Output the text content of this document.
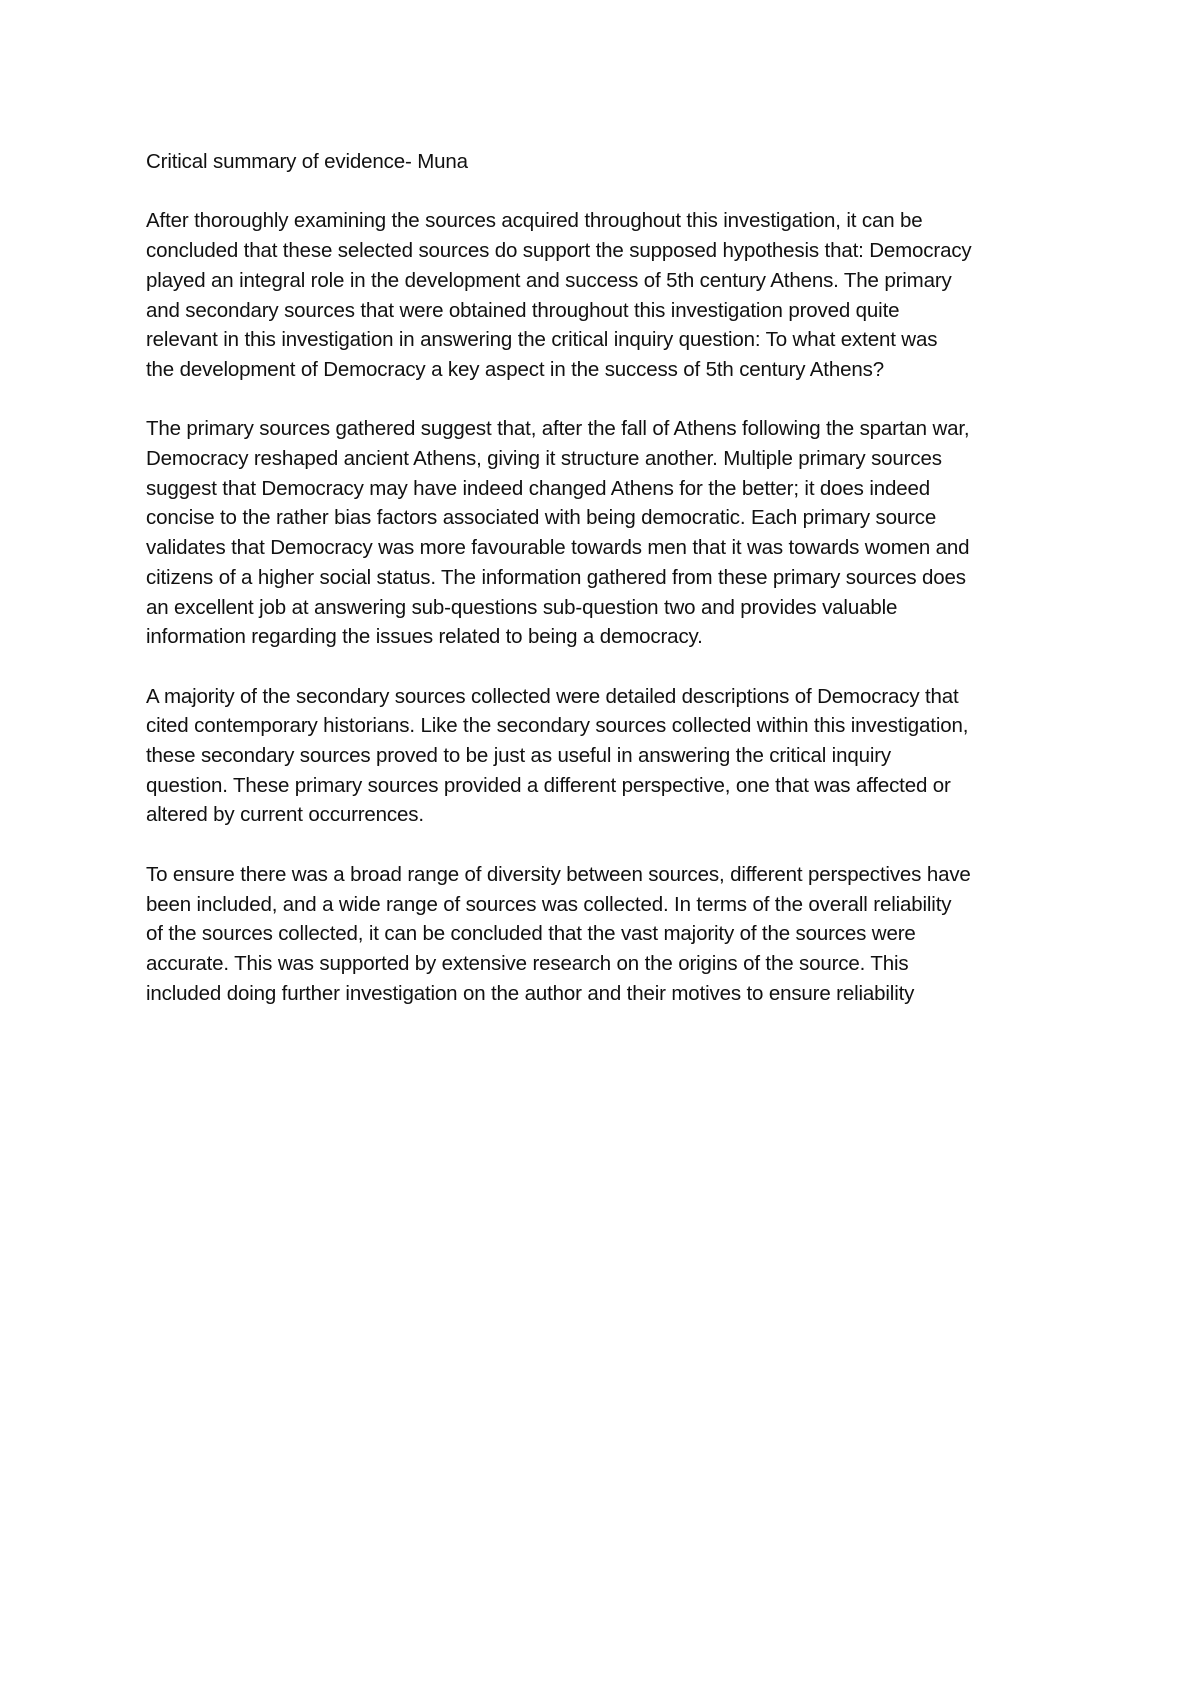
Critical summary of evidence- Muna

After thoroughly examining the sources acquired throughout this investigation, it can be
concluded that these selected sources do support the supposed hypothesis that: Democracy
played an integral role in the development and success of 5th century Athens. The primary
and secondary sources that were obtained throughout this investigation proved quite
relevant in this investigation in answering the critical inquiry question: To what extent was
the development of Democracy a key aspect in the success of 5th century Athens?

The primary sources gathered suggest that, after the fall of Athens following the spartan war,
Democracy reshaped ancient Athens, giving it structure another. Multiple primary sources
suggest that Democracy may have indeed changed Athens for the better; it does indeed
concise to the rather bias factors associated with being democratic. Each primary source
validates that Democracy was more favourable towards men that it was towards women and
citizens of a higher social status. The information gathered from these primary sources does
an excellent job at answering sub-questions sub-question two and provides valuable
information regarding the issues related to being a democracy.

A majority of the secondary sources collected were detailed descriptions of Democracy that
cited contemporary historians. Like the secondary sources collected within this investigation,
these secondary sources proved to be just as useful in answering the critical inquiry
question. These primary sources provided a different perspective, one that was affected or
altered by current occurrences.

To ensure there was a broad range of diversity between sources, different perspectives have
been included, and a wide range of sources was collected. In terms of the overall reliability
of the sources collected, it can be concluded that the vast majority of the sources were
accurate. This was supported by extensive research on the origins of the source. This
included doing further investigation on the author and their motives to ensure reliability
